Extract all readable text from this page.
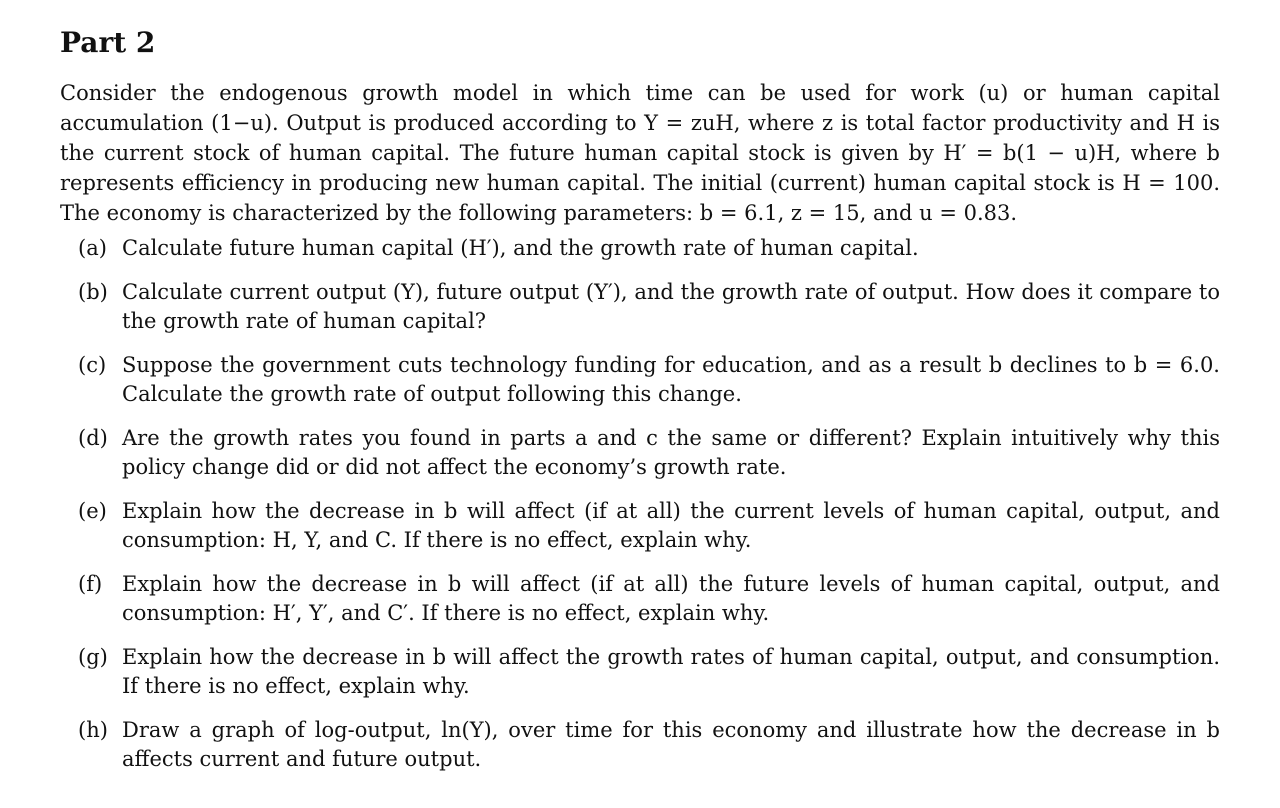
Part 2

Consider the endogenous growth model in which time can be used for work (u) or human capital accumulation (1−u). Output is produced according to Y = zuH, where z is total factor productivity and H is the current stock of human capital. The future human capital stock is given by H′ = b(1 − u)H, where b represents efficiency in producing new human capital. The initial (current) human capital stock is H = 100. The economy is characterized by the following parameters: b = 6.1, z = 15, and u = 0.83.

(a) Calculate future human capital (H′), and the growth rate of human capital.
(b) Calculate current output (Y), future output (Y′), and the growth rate of output. How does it compare to the growth rate of human capital?
(c) Suppose the government cuts technology funding for education, and as a result b declines to b = 6.0. Calculate the growth rate of output following this change.
(d) Are the growth rates you found in parts a and c the same or different? Explain intuitively why this policy change did or did not affect the economy’s growth rate.
(e) Explain how the decrease in b will affect (if at all) the current levels of human capital, output, and consumption: H, Y, and C. If there is no effect, explain why.
(f) Explain how the decrease in b will affect (if at all) the future levels of human capital, output, and consumption: H′, Y′, and C′. If there is no effect, explain why.
(g) Explain how the decrease in b will affect the growth rates of human capital, output, and consumption. If there is no effect, explain why.
(h) Draw a graph of log-output, ln(Y), over time for this economy and illustrate how the decrease in b affects current and future output.
